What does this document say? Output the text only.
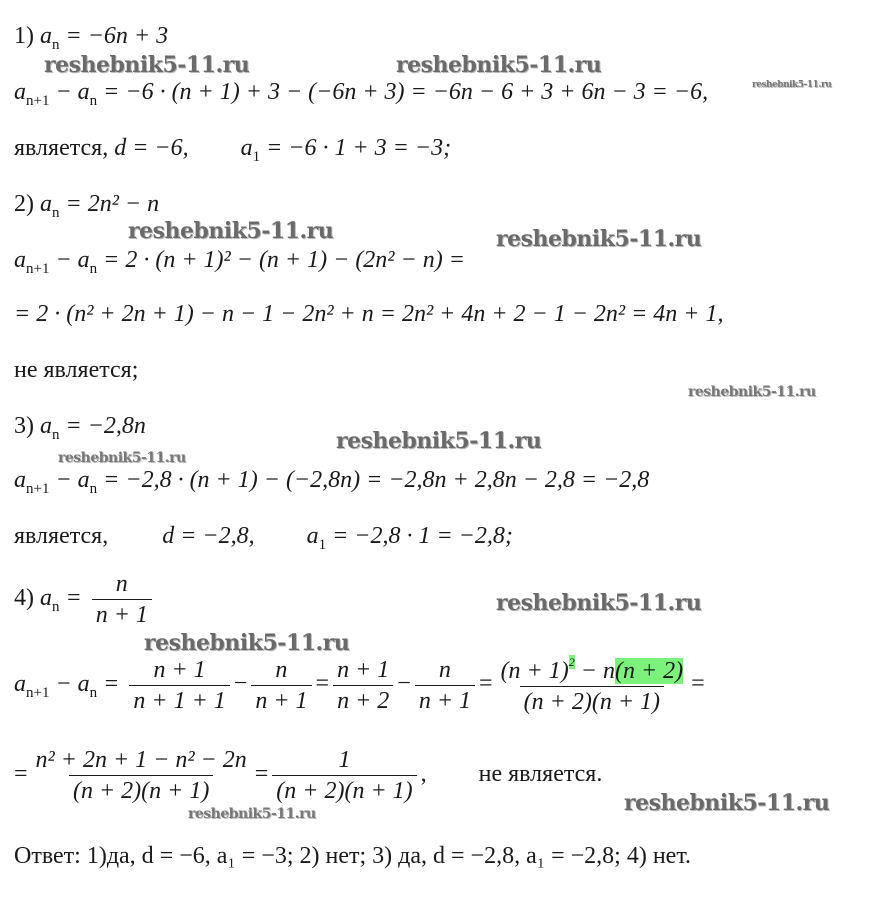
1) $a_n = -6n + 3$
$a_{n+1} - a_n = -6 \cdot (n + 1) + 3 - (-6n + 3) = -6n - 6 + 3 + 6n - 3 = -6$,
является, d = −6, $a_1 = -6 \cdot 1 + 3 = -3$;
2) $a_n = 2n^2 - n$
$a_{n+1} - a_n = 2 \cdot (n + 1)^2 - (n + 1) - (2n^2 - n)$ =
= 2 · (n² + 2n + 1) − n − 1 − 2n² + n = 2n² + 4n + 2 − 1 − 2n² = 4n + 1,
не является;
3) $a_n = -2,8n$
$a_{n+1} - a_n = -2,8 \cdot (n + 1) - (-2,8n) = -2,8n + 2,8n - 2,8 = -2,8$
является, d = −2,8, $a_1 = -2,8 \cdot 1 = -2,8$;
4) $a_n = \frac{n}{n + 1}$
$a_{n+1} - a_n = \frac{n + 1}{n + 1 + 1} - \frac{n}{n + 1} = \frac{n + 1}{n + 2} - \frac{n}{n + 1} = \frac{(n + 1)^2 - n(n + 2)}{(n + 2)(n + 1)}$ =
= $\frac{\text{n² + 2n + 1 − n² − 2n}}{(n + 2)(n + 1)} = \frac{1}{(n + 2)(n + 1)}$ , не является.
Ответ: 1)да, d = −6, a₁ = −3; 2) нет; 3) да, d = −2,8, a₁ = −2,8; 4) нет.
reshebnik5-11.ru	reshebnik5-11.ru
reshebnik5-11.ru
reshebnik5-11.ru	reshebnik5-11.ru
reshebnik5-11.ru
reshebnik5-11.ru
reshebnik5-11.ru
reshebnik5-11.ru
reshebnik5-11.ru
reshebnik5-11.ru
reshebnik5-11.ru
